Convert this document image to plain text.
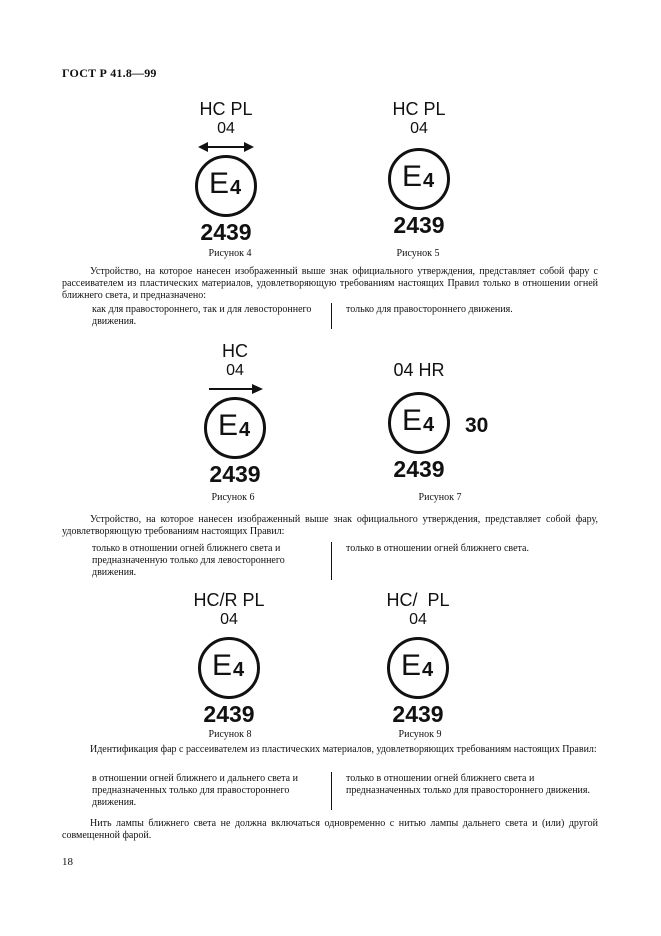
ГОСТ Р 41.8—99
HC PL
04
E 4
2439
Рисунок 4
HC PL
04
E 4
2439
Рисунок 5
Устройство, на которое нанесен изображенный выше знак официального утверждения, представляет собой фару с рассеивателем из пластических материалов, удовлетворяющую требованиям настоящих Правил только в отношении огней ближнего света, и предназначено:
как для правостороннего, так и для левостороннего движения.
только для правостороннего движения.
HC
04
E 4
2439
Рисунок 6
04 HR
E 4
2439
30
Рисунок 7
Устройство, на которое нанесен изображенный выше знак официального утверждения, представляет собой фару, удовлетворяющую требованиям настоящих Правил:
только в отношении огней ближнего света и предназначенную только для левостороннего движения.
только в отношении огней ближнего света.
HC/R PL
04
E 4
2439
Рисунок 8
HC/  PL
04
E 4
2439
Рисунок 9
Идентификация фар с рассеивателем из пластических материалов, удовлетворяющих требованиям настоящих Правил:
в отношении огней ближнего и дальнего света и предназначенных только для правостороннего движения.
только в отношении огней ближнего света и предназначенных только для правостороннего движения.
Нить лампы ближнего света не должна включаться одновременно с нитью лампы дальнего света и (или) другой совмещенной фарой.
18
